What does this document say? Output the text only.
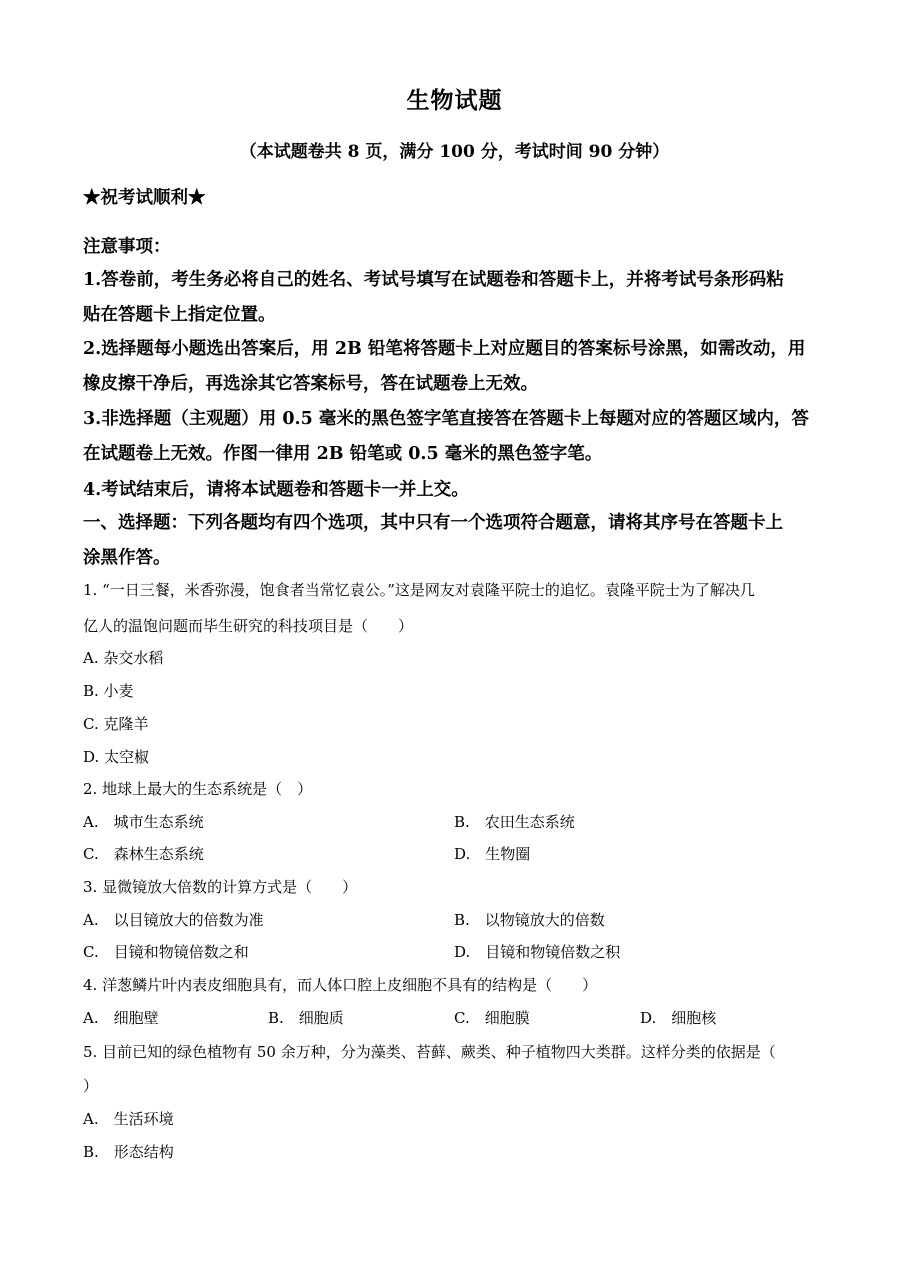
生物试题
（本试题卷共 8 页，满分 100 分，考试时间 90 分钟）
★祝考试顺利★
注意事项：
1.答卷前，考生务必将自己的姓名、考试号填写在试题卷和答题卡上，并将考试号条形码粘
贴在答题卡上指定位置。
2.选择题每小题选出答案后，用 2B 铅笔将答题卡上对应题目的答案标号涂黑，如需改动，用
橡皮擦干净后，再选涂其它答案标号，答在试题卷上无效。
3.非选择题（主观题）用 0.5 毫米的黑色签字笔直接答在答题卡上每题对应的答题区域内，答
在试题卷上无效。作图一律用 2B 铅笔或 0.5 毫米的黑色签字笔。
4.考试结束后，请将本试题卷和答题卡一并上交。
一、选择题：下列各题均有四个选项，其中只有一个选项符合题意，请将其序号在答题卡上
涂黑作答。
1. “一日三餐，米香弥漫，饱食者当常忆袁公。”这是网友对袁隆平院士的追忆。袁隆平院士为了解决几
亿人的温饱问题而毕生研究的科技项目是（　　）
A. 杂交水稻
B. 小麦
C. 克隆羊
D. 太空椒
2. 地球上最大的生态系统是（　）
A.　城市生态系统	B.　农田生态系统
C.　森林生态系统	D.　生物圈
3. 显微镜放大倍数的计算方式是（　　）
A.　以目镜放大的倍数为准	B.　以物镜放大的倍数
C.　目镜和物镜倍数之和	D.　目镜和物镜倍数之积
4. 洋葱鳞片叶内表皮细胞具有，而人体口腔上皮细胞不具有的结构是（　　）
A.　细胞壁	B.　细胞质	C.　细胞膜	D.　细胞核
5. 目前已知的绿色植物有 50 余万种，分为藻类、苔藓、蕨类、种子植物四大类群。这样分类的依据是（
）
A.　生活环境
B.　形态结构
